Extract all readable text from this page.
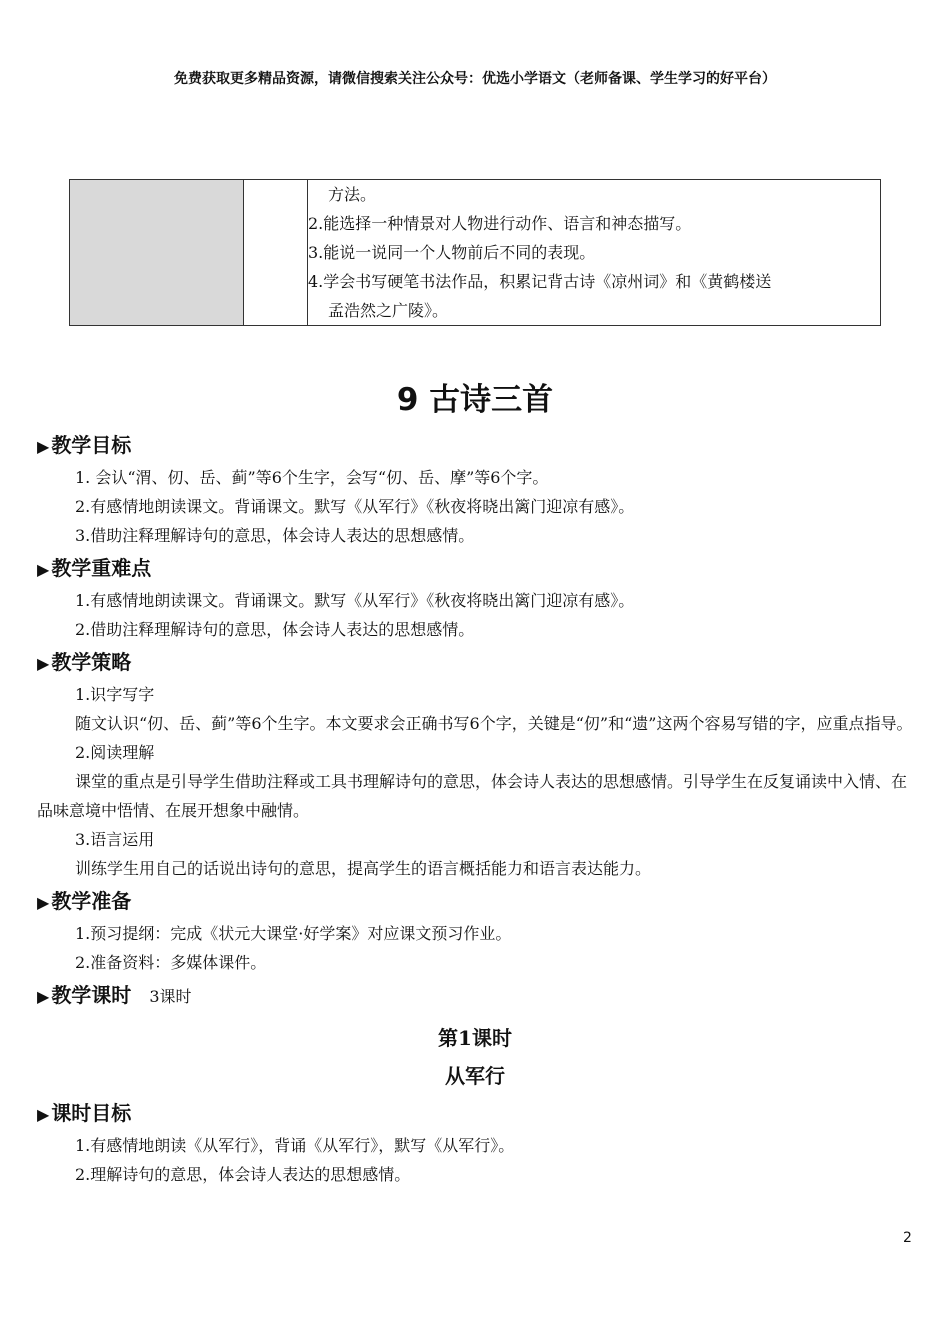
免费获取更多精品资源，请微信搜索关注公众号：优选小学语文（老师备课、学生学习的好平台）

方法。
2.能选择一种情景对人物进行动作、语言和神态描写。
3.能说一说同一个人物前后不同的表现。
4.学会书写硬笔书法作品，积累记背古诗《凉州词》和《黄鹤楼送
孟浩然之广陵》。
9 古诗三首
▶ 教学目标
1. 会认“渭、仞、岳、蓟”等6个生字，会写“仞、岳、摩”等6个字。
2.有感情地朗读课文。背诵课文。默写《从军行》《秋夜将晓出篱门迎凉有感》。
3.借助注释理解诗句的意思，体会诗人表达的思想感情。
▶ 教学重难点
1.有感情地朗读课文。背诵课文。默写《从军行》《秋夜将晓出篱门迎凉有感》。
2.借助注释理解诗句的意思，体会诗人表达的思想感情。
▶ 教学策略
1.识字写字

随文认识“仞、岳、蓟”等6个生字。本文要求会正确书写6个字，关键是“仞”和“遗”这两个容易写错的字，应重点指导。

2.阅读理解

课堂的重点是引导学生借助注释或工具书理解诗句的意思，体会诗人表达的思想感情。引导学生在反复诵读中入情、在品味意境中悟情、在展开想象中融情。

3.语言运用

训练学生用自己的话说出诗句的意思，提高学生的语言概括能力和语言表达能力。

▶ 教学准备
1.预习提纲：完成《状元大课堂·好学案》对应课文预习作业。
2.准备资料：多媒体课件。
▶ 教学课时 3课时
第1课时
从军行
▶ 课时目标
1.有感情地朗读《从军行》，背诵《从军行》，默写《从军行》。
2.理解诗句的意思，体会诗人表达的思想感情。
2
